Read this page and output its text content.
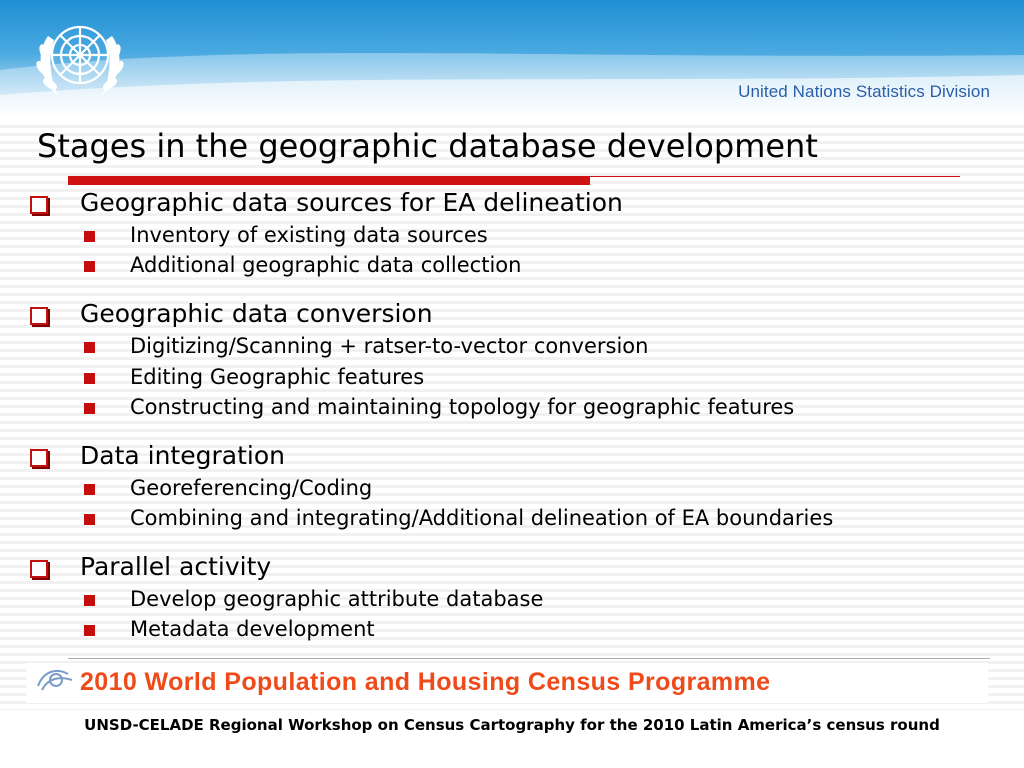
United Nations Statistics Division
Stages in the geographic database development
Geographic data sources for EA delineation
Inventory of existing data sources
Additional geographic data collection
Geographic data conversion
Digitizing/Scanning + ratser-to-vector conversion
Editing Geographic features
Constructing and maintaining topology for geographic features
Data integration
Georeferencing/Coding
Combining and integrating/Additional delineation of EA boundaries
Parallel activity
Develop geographic attribute database
Metadata development
2010 World Population and Housing Census Programme
UNSD-CELADE Regional Workshop on Census Cartography for the 2010 Latin America’s census round
